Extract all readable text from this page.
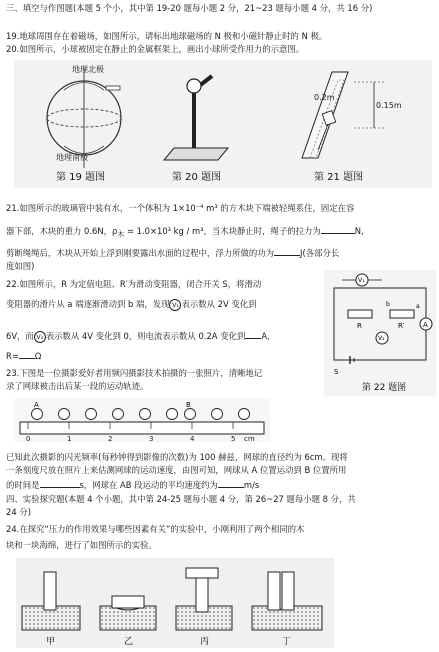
三、填空与作图题(本题 5 个小，其中第 19-20 题每小题 2 分，21~23 题每小题 4 分，共 16 分)
19.地球周围存在着磁场，如图所示，请标出地球磁场的 N 极和小磁针静止时的 N 极。
20.如图所示，小球被固定在静止的金属框架上，画出小球所受作用力的示意图。
地理北极
地理南极
第 19 题图	第 20 题图
0.15m
0.2m
第 21 题图
21.如图所示的玻璃管中装有水，一个体积为 1×10⁻⁴ m³ 的方木块下端被轻绳系住，固定在容
器下部，木块的重力 0.6N，$\rho_木 = 1.0\times 10^3$ kg / m³，当木块静止时，绳子的拉力为	N,
剪断绳绳后，木块从开始上浮到刚要露出水面的过程中，浮力所做的功为	J(各部分长
度如图)
22.如图所示，R 为定值电阻、R′为滑动变阻器，闭合开关 S，将滑动
变阻器的滑片从 a 端逐渐滑动到 b 端，发现 V₁ 表示数从 2V 变化到
6V，而 V₂ 表示数从 4V 变化到 0，则电流表示数从 0.2A 变化到 A，
R= Ω
V₁
R	R′
b	a
V₂
A
S
第 22 题图
23.下图是一位摄影爱好者用频闪摄影技术拍摄的一张照片，清晰地记
录了网球被击出后某一段的运动轨迹。
A	B
0	1	2	3	4	5 cm
已知此次摄影的闪光频率(每秒钟得到影像的次数)为 100 赫兹，网球的直径约为 6cm。现将
一条刻度尺放在照片上来估测网球的运动速度，由图可知，网球从 A 位置运动到 B 位置所用
的时间是	s，网球在 AB 段运动的平均速度约为	m/s
四、实验探究题(本题 4 个小题，其中第 24-25 题每小题 4 分，第 26~27 题每小题 8 分，共
24 分)
24.在探究“压力的作用效果与哪些因素有关”的实验中，小刚利用了两个相同的木
块和一块海绵，进行了如图所示的实验。
甲	乙	丙	丁
